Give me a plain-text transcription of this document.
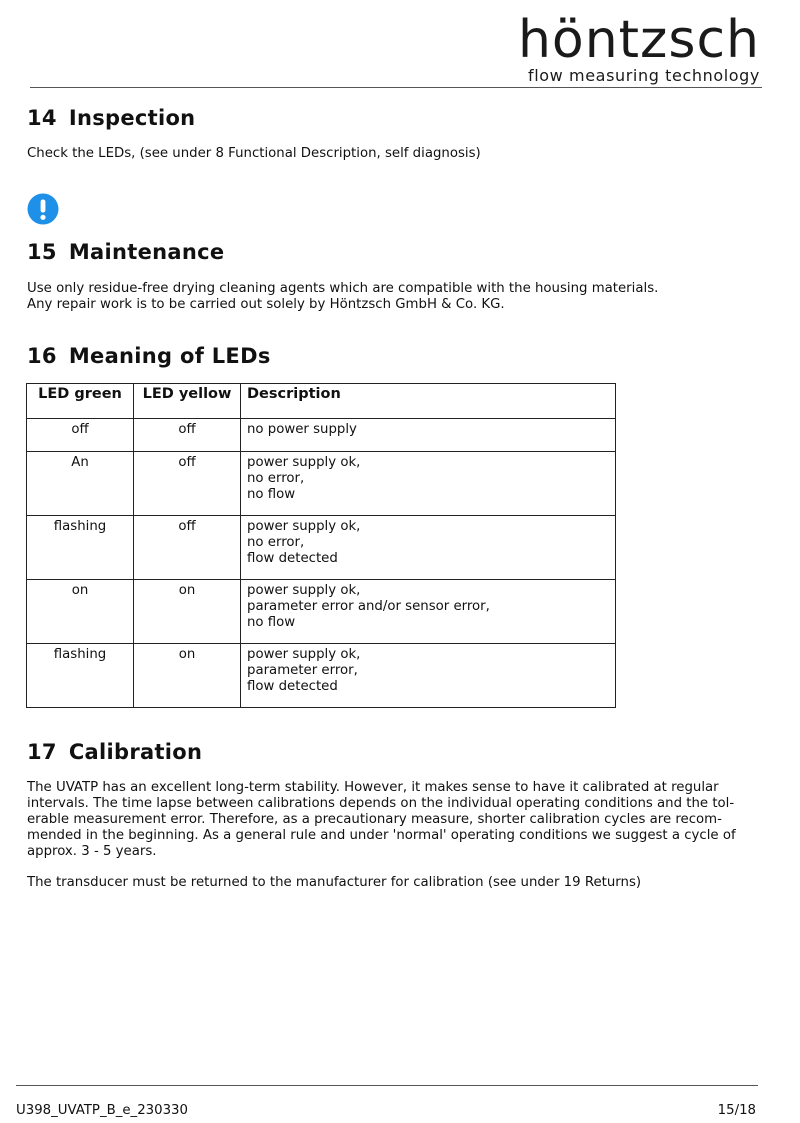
höntzsch
flow measuring technology
14 Inspection

Check the LEDs, (see under 8 Functional Description, self diagnosis)

15 Maintenance

Use only residue-free drying cleaning agents which are compatible with the housing materials.
Any repair work is to be carried out solely by Höntzsch GmbH & Co. KG.

16 Meaning of LEDs
LED green	LED yellow	Description
off	off	no power supply

An	off	power supply ok,
no error,
no flow

flashing	off	power supply ok,
no error,
flow detected

on	on	power supply ok,
parameter error and/or sensor error,
no flow

flashing	on	power supply ok,
parameter error,
flow detected
17 Calibration

The UVATP has an excellent long-term stability. However, it makes sense to have it calibrated at regular
intervals. The time lapse between calibrations depends on the individual operating conditions and the tol-
erable measurement error. Therefore, as a precautionary measure, shorter calibration cycles are recom-
mended in the beginning. As a general rule and under 'normal' operating conditions we suggest a cycle of
approx. 3 - 5 years.

The transducer must be returned to the manufacturer for calibration (see under 19 Returns)

U398_UVATP_B_e_230330	15/18
